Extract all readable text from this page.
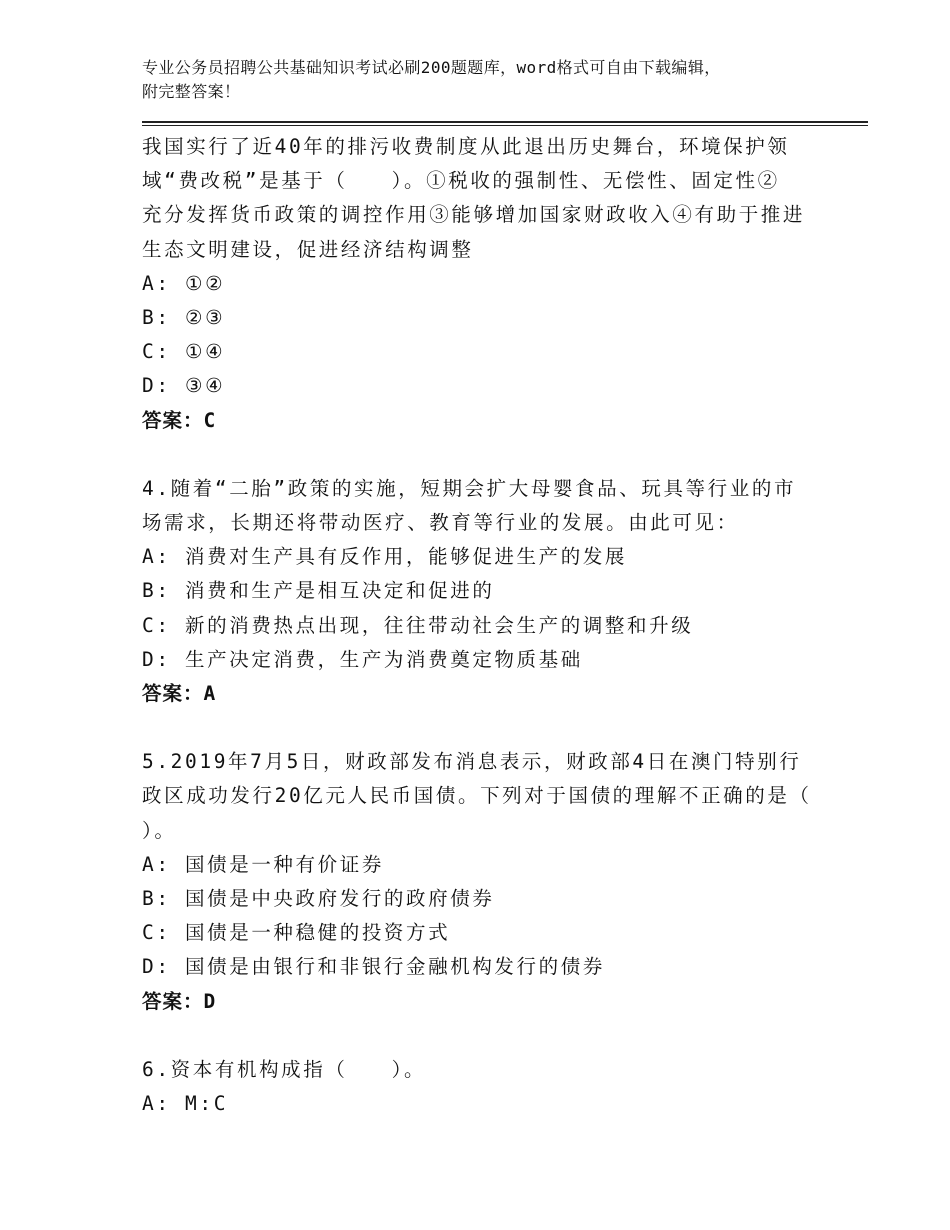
专业公务员招聘公共基础知识考试必刷200题题库，word格式可自由下载编辑，
附完整答案！

我国实行了近40年的排污收费制度从此退出历史舞台，环境保护领

域“费改税”是基于（　　）。①税收的强制性、无偿性、固定性②

充分发挥货币政策的调控作用③能够增加国家财政收入④有助于推进

生态文明建设，促进经济结构调整

A: ①②

B: ②③

C: ①④

D: ③④

答案：C

4.随着“二胎”政策的实施，短期会扩大母婴食品、玩具等行业的市

场需求，长期还将带动医疗、教育等行业的发展。由此可见：

A: 消费对生产具有反作用，能够促进生产的发展

B: 消费和生产是相互决定和促进的

C: 新的消费热点出现，往往带动社会生产的调整和升级

D: 生产决定消费，生产为消费奠定物质基础

答案：A

5.2019年7月5日，财政部发布消息表示，财政部4日在澳门特别行

政区成功发行20亿元人民币国债。下列对于国债的理解不正确的是（

）。

A: 国债是一种有价证券

B: 国债是中央政府发行的政府债券

C: 国债是一种稳健的投资方式

D: 国债是由银行和非银行金融机构发行的债券

答案：D

6.资本有机构成指（　　）。

A: M:C
